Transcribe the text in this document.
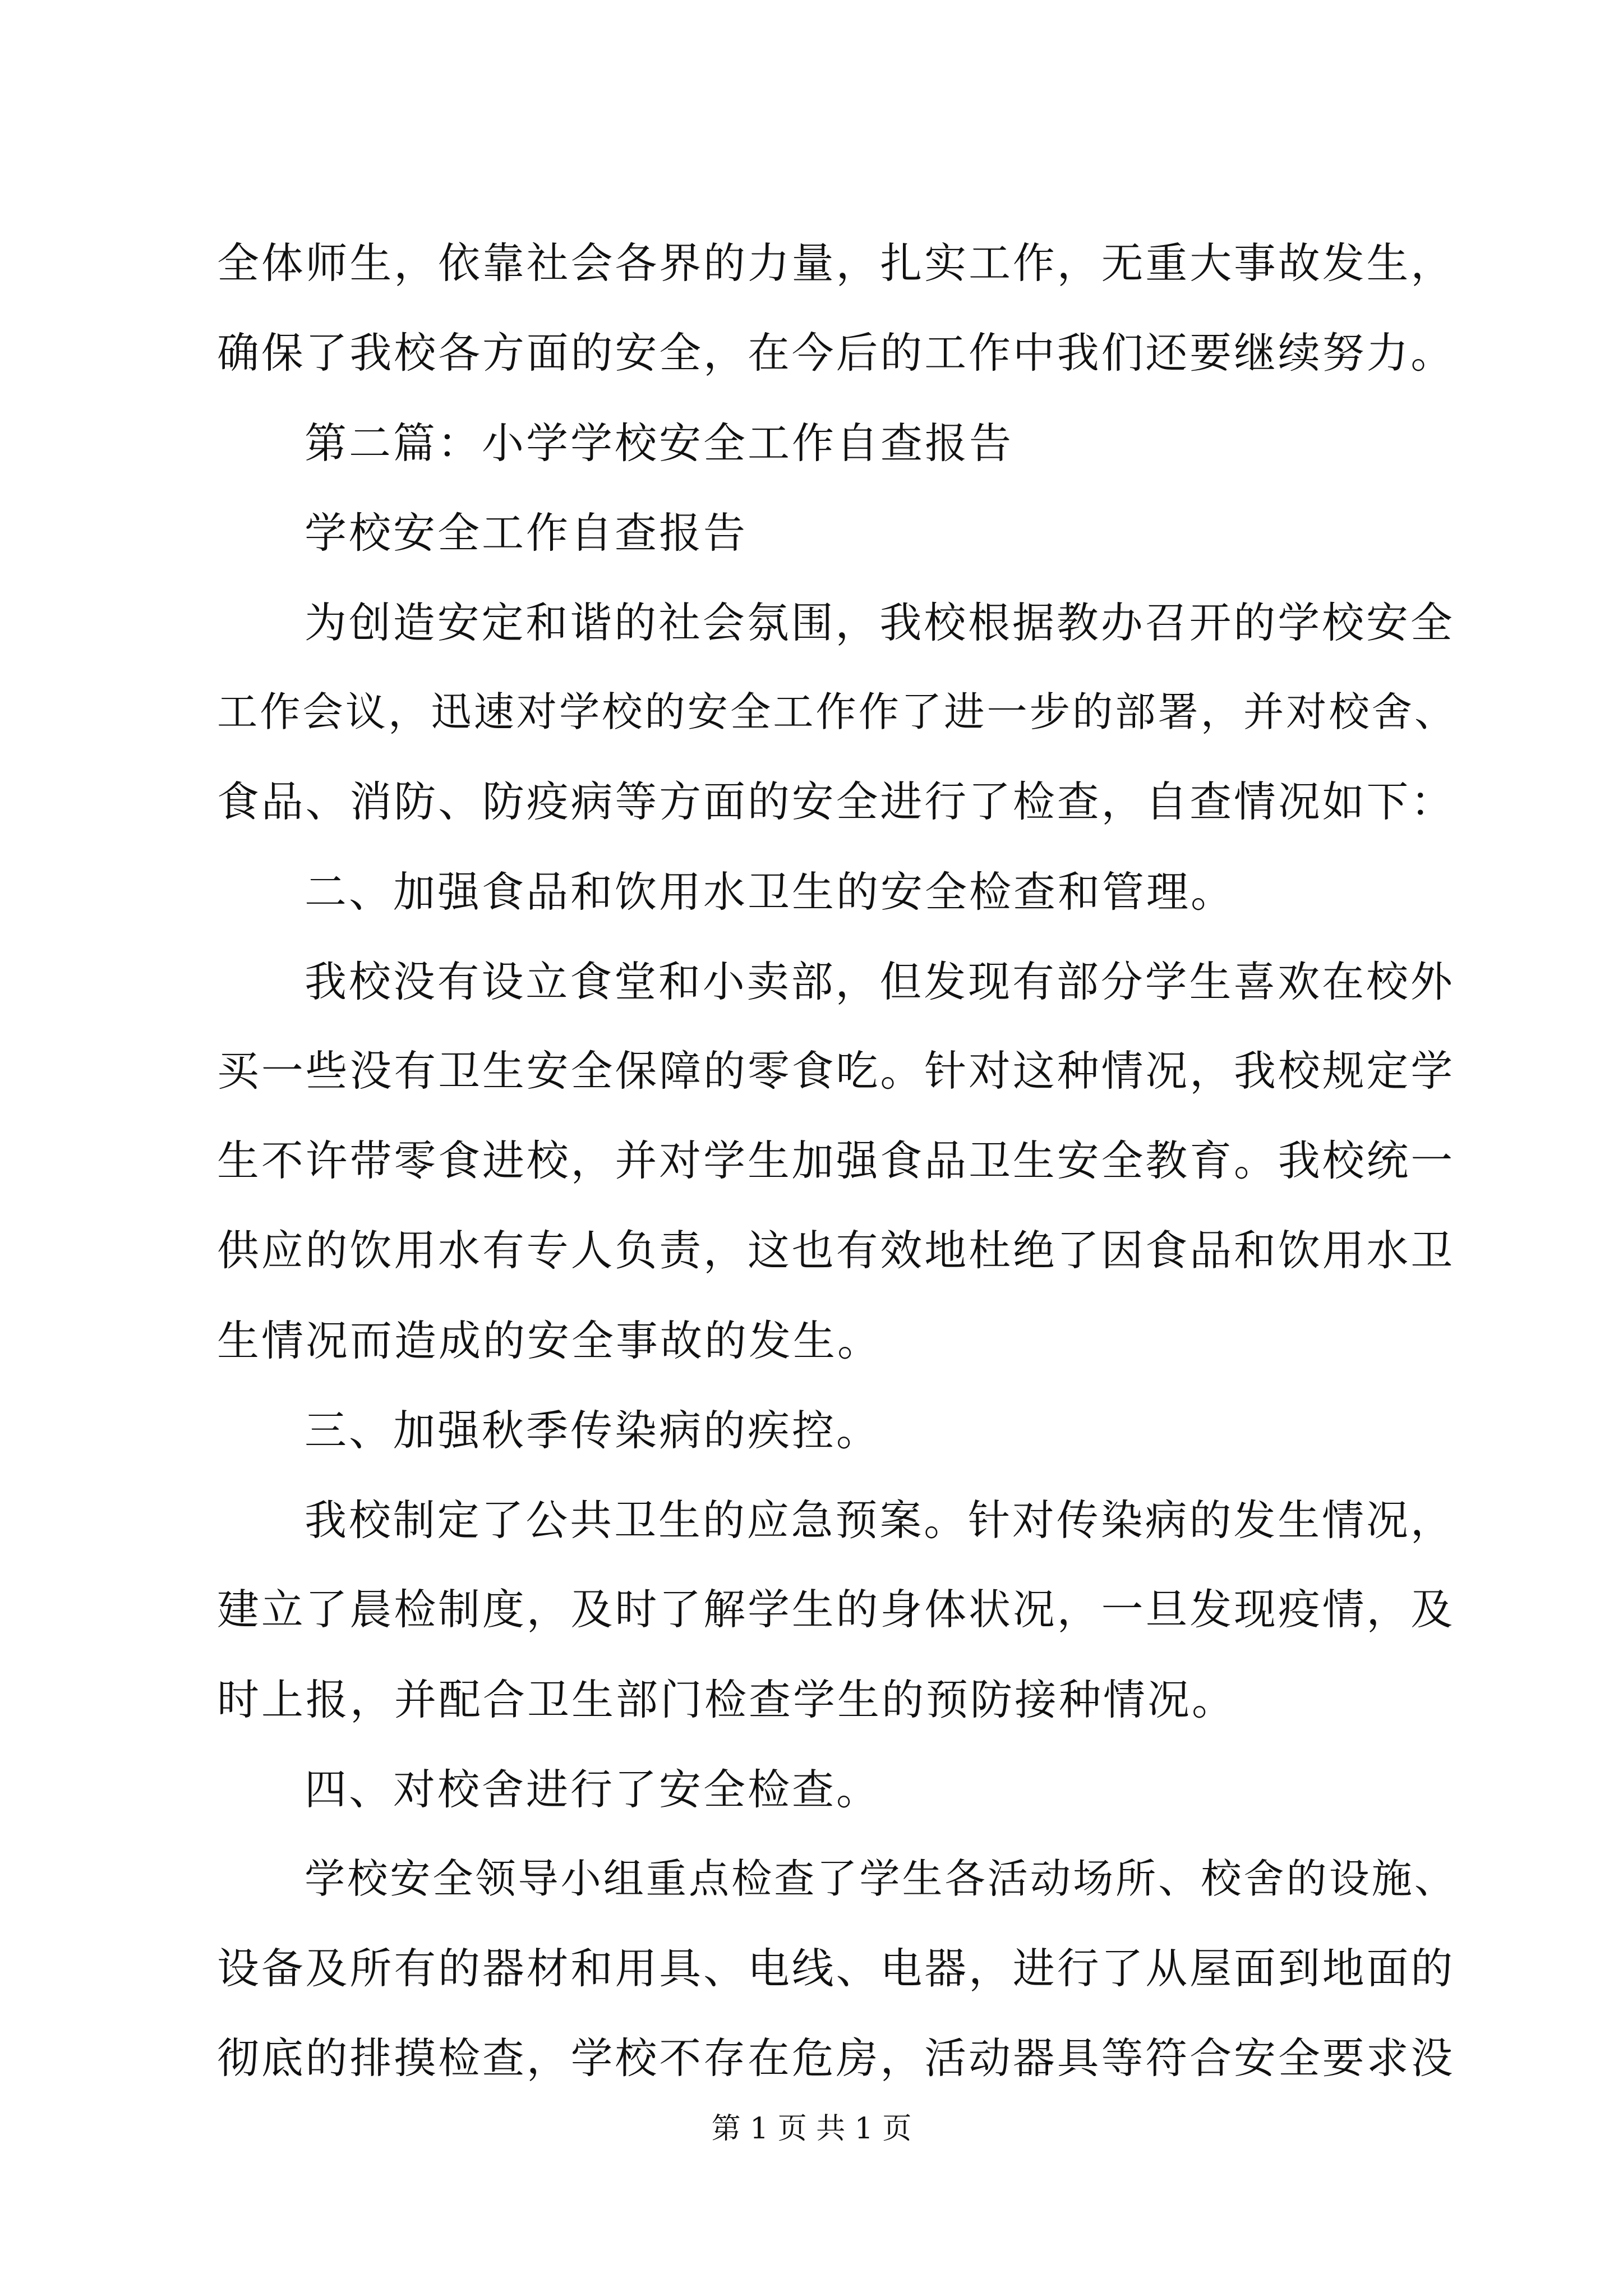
全体师生，依靠社会各界的力量，扎实工作，无重大事故发生，
确保了我校各方面的安全，在今后的工作中我们还要继续努力。
第二篇：小学学校安全工作自查报告
学校安全工作自查报告
为创造安定和谐的社会氛围，我校根据教办召开的学校安全
工作会议，迅速对学校的安全工作作了进一步的部署，并对校舍、
食品、消防、防疫病等方面的安全进行了检查，自查情况如下：
二、加强食品和饮用水卫生的安全检查和管理。
我校没有设立食堂和小卖部，但发现有部分学生喜欢在校外
买一些没有卫生安全保障的零食吃。针对这种情况，我校规定学
生不许带零食进校，并对学生加强食品卫生安全教育。我校统一
供应的饮用水有专人负责，这也有效地杜绝了因食品和饮用水卫
生情况而造成的安全事故的发生。
三、加强秋季传染病的疾控。
我校制定了公共卫生的应急预案。针对传染病的发生情况，
建立了晨检制度，及时了解学生的身体状况，一旦发现疫情，及
时上报，并配合卫生部门检查学生的预防接种情况。
四、对校舍进行了安全检查。
学校安全领导小组重点检查了学生各活动场所、校舍的设施、
设备及所有的器材和用具、电线、电器，进行了从屋面到地面的
彻底的排摸检查，学校不存在危房，活动器具等符合安全要求没
第 1 页 共 1 页
